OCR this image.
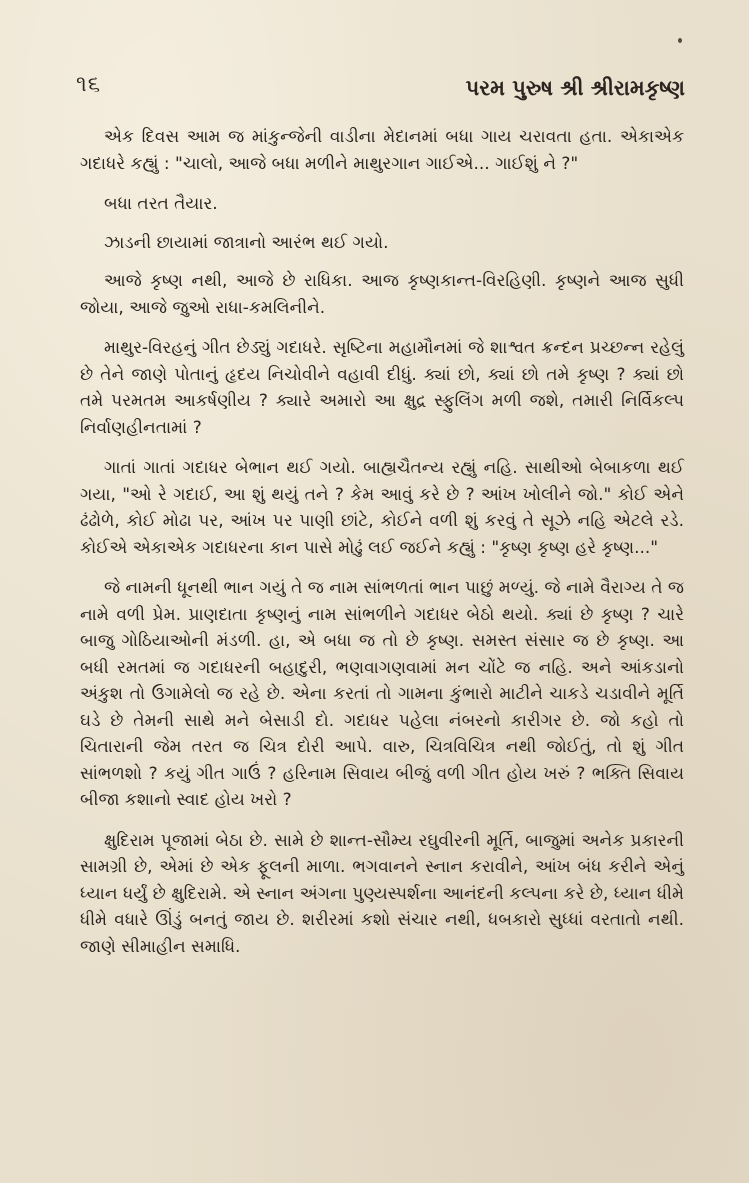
૧૬	પરમ પુરુષ શ્રી શ્રીરામકૃષ્ણ

એક દિવસ આમ જ માંકુન્જેની વાડીના મેદાનમાં બધા ગાય ચરાવતા હતા. એકાએક ગદાધરે કહ્યું : "ચાલો, આજે બધા મળીને માથુરગાન ગાઈએ... ગાઈશું ને ?"

બધા તરત તૈયાર.

ઝાડની છાયામાં જાત્રાનો આરંભ થઈ ગયો.

આજે કૃષ્ણ નથી, આજે છે રાધિકા. આજ કૃષ્ણકાન્ત-વિરહિણી. કૃષ્ણને આજ સુધી જોયા, આજે જુઓ રાધા-કમલિનીને.

માથુર-વિરહનું ગીત છેડ્યું ગદાધરે. સૃષ્ટિના મહામૌનમાં જે શાશ્વત ક્રન્દન પ્રચ્છન્ન રહેલું છે તેને જાણે પોતાનું હૃદય નિચોવીને વહાવી દીધું. ક્યાં છો, ક્યાં છો તમે કૃષ્ણ ? ક્યાં છો તમે પરમતમ આકર્ષણીય ? ક્યારે અમારો આ ક્ષુદ્ર સ્ફુલિંગ મળી જશે, તમારી નિર્વિકલ્પ નિર્વાણહીનતામાં ?

ગાતાં ગાતાં ગદાધર બેભાન થઈ ગયો. બાહ્યચૈતન્ય રહ્યું નહિ. સાથીઓ બેબાકળા થઈ ગયા, "ઓ રે ગદાઈ, આ શું થયું તને ? કેમ આવું કરે છે ? આંખ ખોલીને જો." કોઈ એને ઢંઢોળે, કોઈ મોઢા પર, આંખ પર પાણી છાંટે, કોઈને વળી શું કરવું તે સૂઝે નહિ એટલે રડે. કોઈએ એકાએક ગદાધરના કાન પાસે મોઢું લઈ જઈને કહ્યું : "કૃષ્ણ કૃષ્ણ હરે કૃષ્ણ..."

જે નામની ધૂનથી ભાન ગયું તે જ નામ સાંભળતાં ભાન પાછું મળ્યું. જે નામે વૈરાગ્ય તે જ નામે વળી પ્રેમ. પ્રાણદાતા કૃષ્ણનું નામ સાંભળીને ગદાધર બેઠો થયો. ક્યાં છે કૃષ્ણ ? ચારે બાજુ ગોઠિયાઓની મંડળી. હા, એ બધા જ તો છે કૃષ્ણ. સમસ્ત સંસાર જ છે કૃષ્ણ. આ બધી રમતમાં જ ગદાધરની બહાદુરી, ભણવાગણવામાં મન ચોંટે જ નહિ. અને આંકડાનો અંકુશ તો ઉગામેલો જ રહે છે. એના કરતાં તો ગામના કુંભારો માટીને ચાકડે ચડાવીને મૂર્તિ ઘડે છે તેમની સાથે મને બેસાડી દો. ગદાધર પહેલા નંબરનો કારીગર છે. જો કહો તો ચિતારાની જેમ તરત જ ચિત્ર દોરી આપે. વારુ, ચિત્રવિચિત્ર નથી જોઈતું, તો શું ગીત સાંભળશો ? કયું ગીત ગાઉં ? હરિનામ સિવાય બીજું વળી ગીત હોય ખરું ? ભક્તિ સિવાય બીજા કશાનો સ્વાદ હોય ખરો ?

ક્ષુદિરામ પૂજામાં બેઠા છે. સામે છે શાન્ત-સૌમ્ય રઘુવીરની મૂર્તિ, બાજુમાં અનેક પ્રકારની સામગ્રી છે, એમાં છે એક ફૂલની માળા. ભગવાનને સ્નાન કરાવીને, આંખ બંધ કરીને એનું ધ્યાન ધર્યું છે ક્ષુદિરામે. એ સ્નાન અંગના પુણ્યસ્પર્શના આનંદની કલ્પના કરે છે, ધ્યાન ધીમે ધીમે વધારે ઊંડું બનતું જાય છે. શરીરમાં કશો સંચાર નથી, ધબકારો સુધ્ધાં વરતાતો નથી. જાણે સીમાહીન સમાધિ.
